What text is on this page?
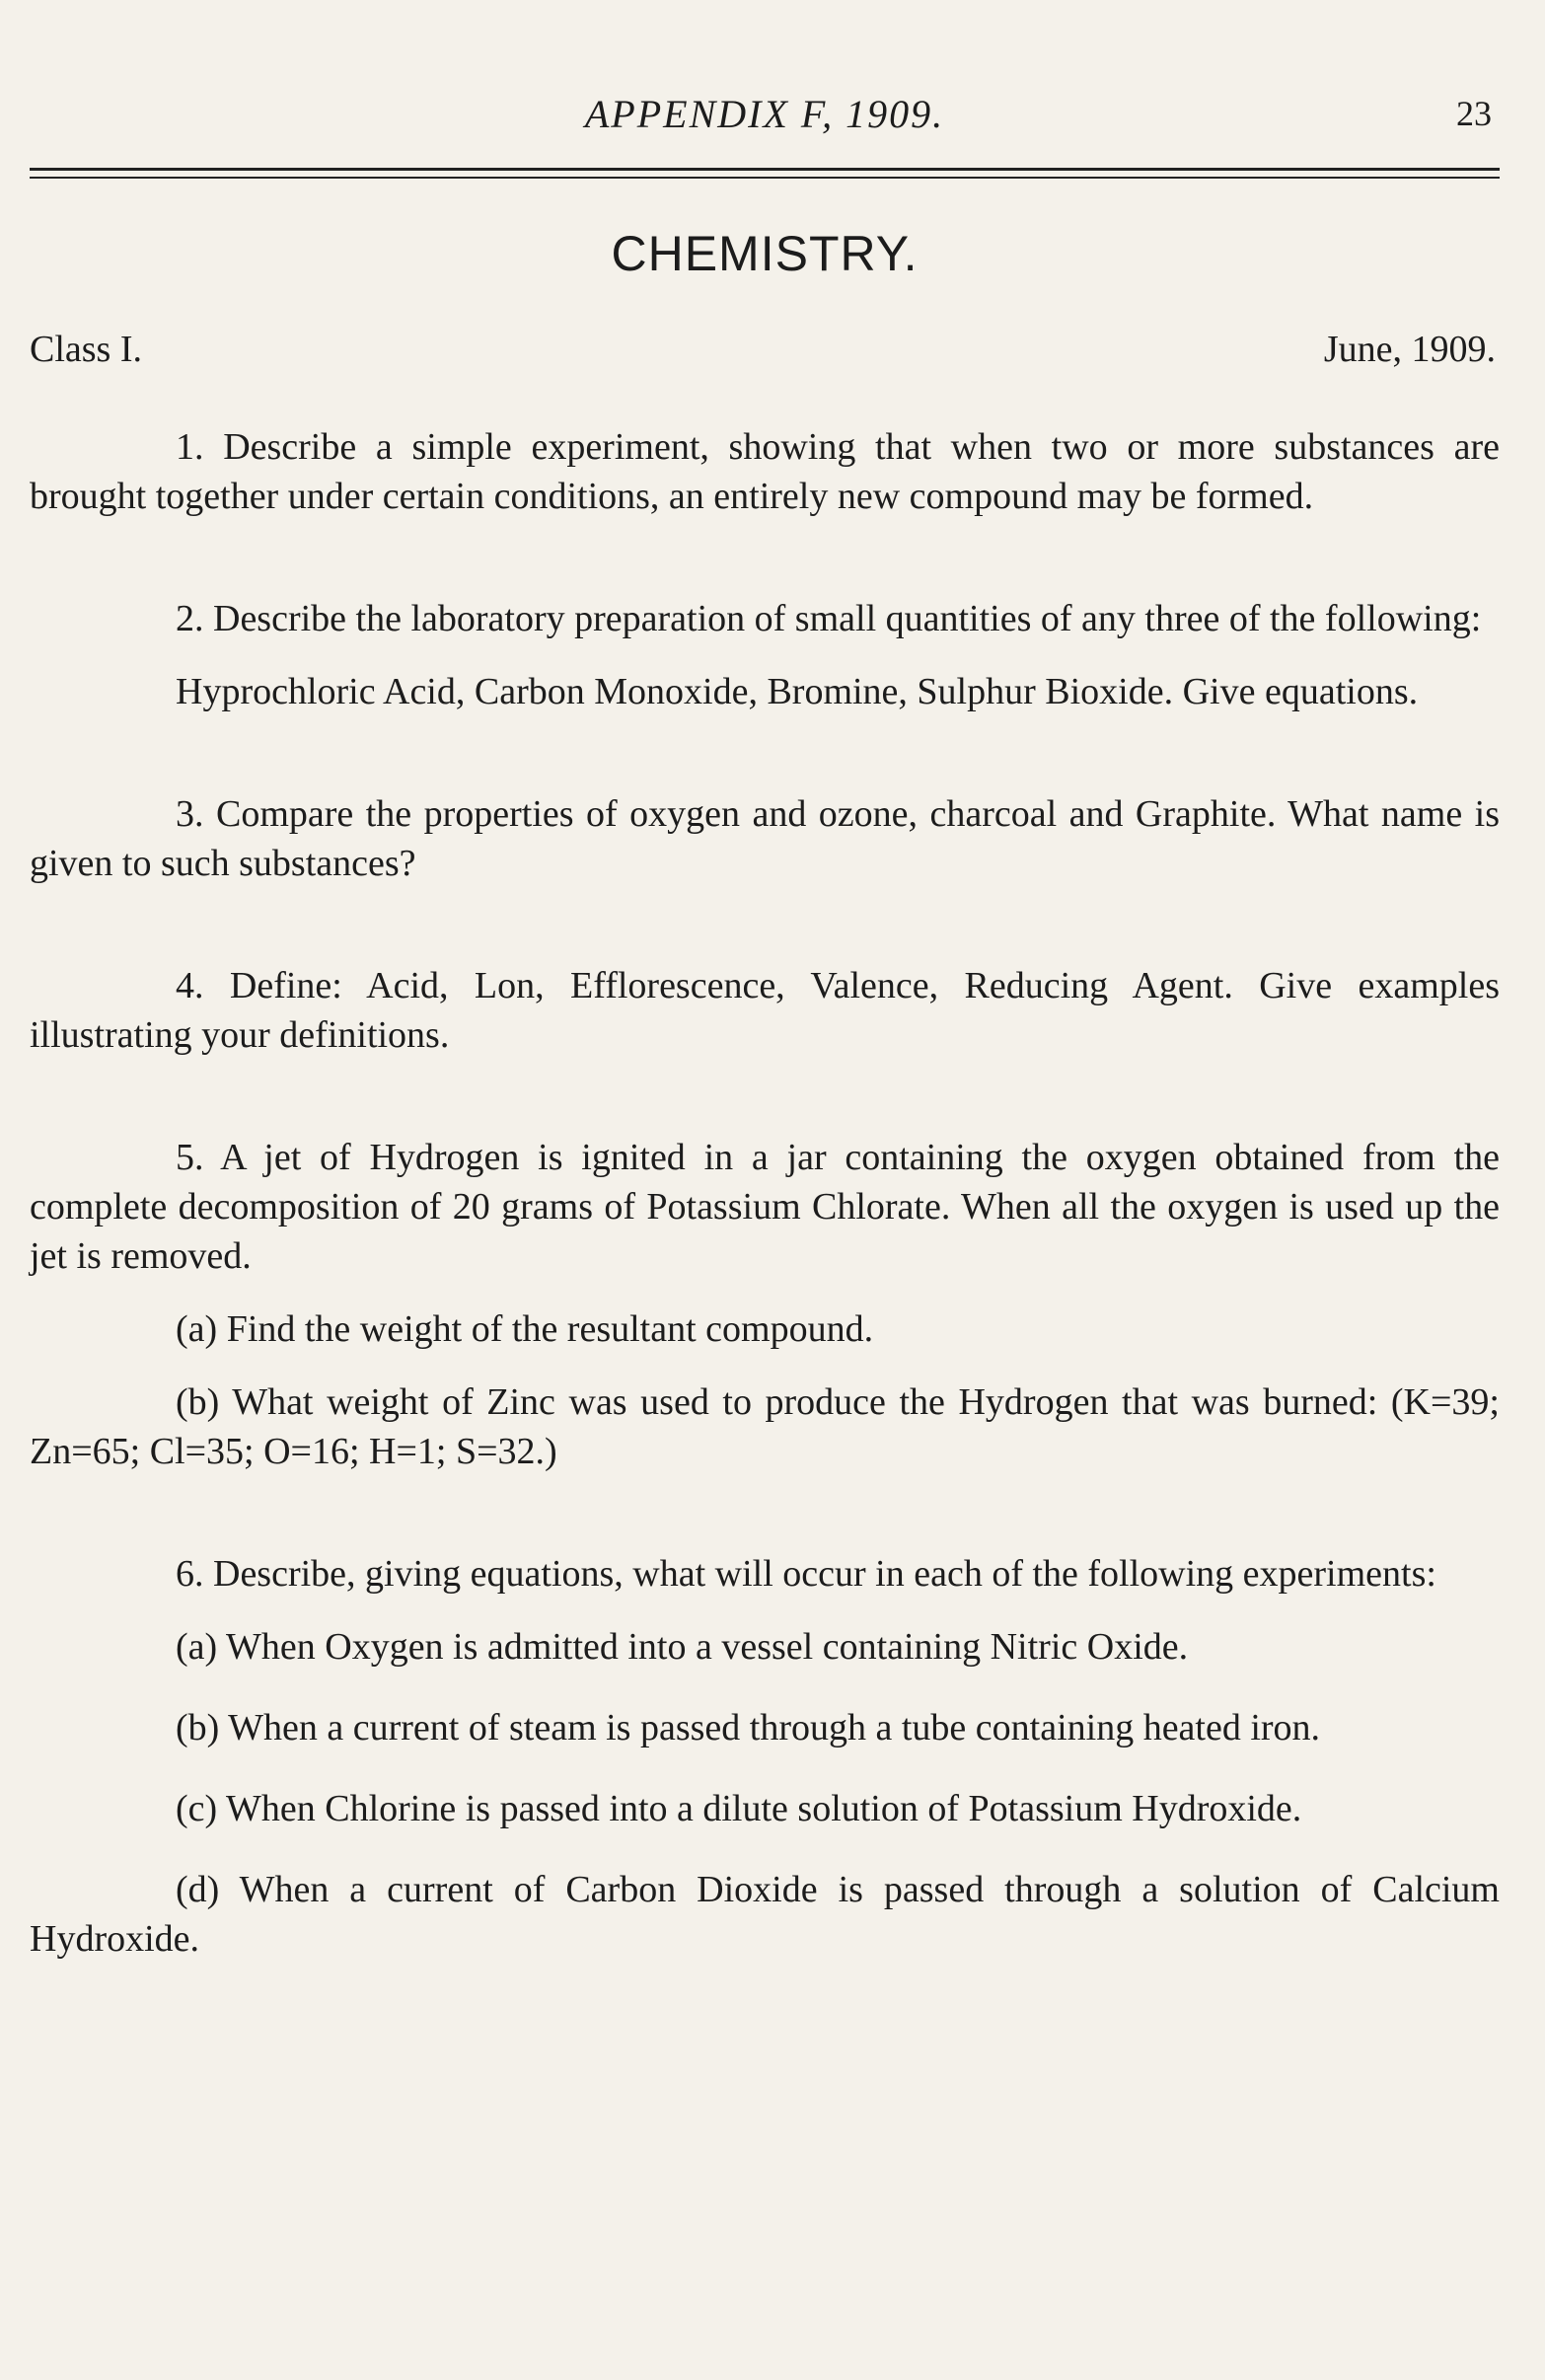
APPENDIX F, 1909.	23
CHEMISTRY.
Class I.	June, 1909.

1. Describe a simple experiment, showing that when two or more substances are brought together under certain conditions, an entirely new compound may be formed.

2. Describe the laboratory preparation of small quantities of any three of the following:

Hyprochloric Acid, Carbon Monoxide, Bromine, Sulphur Bioxide. Give equations.

3. Compare the properties of oxygen and ozone, charcoal and Graphite. What name is given to such substances?

4. Define: Acid, Lon, Efflorescence, Valence, Reducing Agent. Give examples illustrating your definitions.

5. A jet of Hydrogen is ignited in a jar containing the oxygen obtained from the complete decomposition of 20 grams of Potassium Chlorate. When all the oxygen is used up the jet is removed.

(a) Find the weight of the resultant compound.

(b) What weight of Zinc was used to produce the Hydrogen that was burned: (K=39; Zn=65; Cl=35; O=16; H=1; S=32.)

6. Describe, giving equations, what will occur in each of the following experiments:

(a) When Oxygen is admitted into a vessel containing Nitric Oxide.

(b) When a current of steam is passed through a tube containing heated iron.

(c) When Chlorine is passed into a dilute solution of Potassium Hydroxide.

(d) When a current of Carbon Dioxide is passed through a solution of Calcium Hydroxide.
